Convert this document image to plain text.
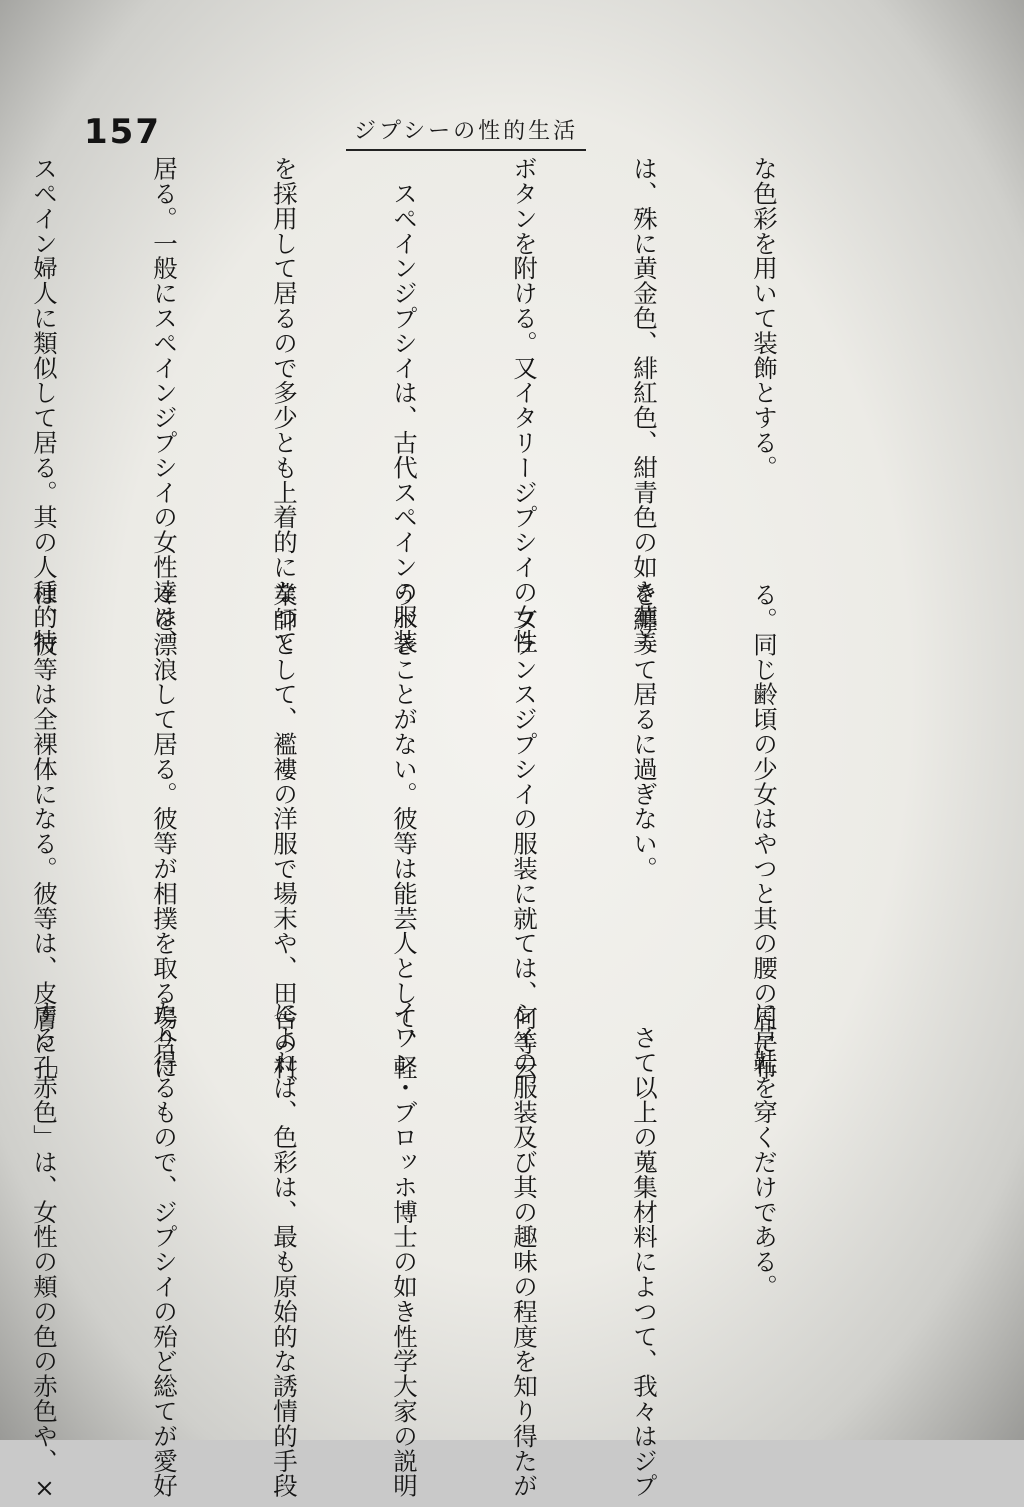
157	ジプシーの性的生活

な色彩を用いて装飾とする。

は、殊に黄金色、緋紅色、紺青色の如き華美

ボタンを附ける。又イタリージプシイの女性

　スペインジプシイは、古代スペインの服装

を採用して居るので多少とも上着的になつて

居る。一般にスペインジプシイの女性達は、

スペイン婦人に類似して居る。其の人種的特

る。同じ齢頃の少女はやつと其の腰の周に布

を纏うて居るに過ぎない。

　フランスジプシイの服装に就ては、何等云

うべきことがない。彼等は能芸人として、軽

業師として、襤褸の洋服で場末や、田舎の村

々を漂浪して居る。彼等が相撲を取る場合に

は、彼等は全裸体になる。彼等は、皮膚に孔

に草鞋を穿くだけである。

　さて以上の蒐集材料によつて、我々はジプ

シイの服装及び其の趣味の程度を知り得たが

イワン・ブロッホ博士の如き性学大家の説明

によれば、色彩は、最も原始的な誘情的手段

たり得るもので、ジプシイの殆ど総てが愛好

する「赤色」は、女性の頬の色の赤色や、×
